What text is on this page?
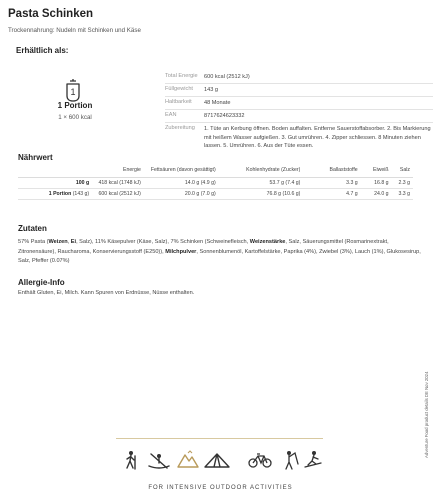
Pasta Schinken
Trockennahrung: Nudeln mit Schinken und Käse
Erhältlich als:
1
1 Portion
1 × 600 kcal
Total Energie	600 kcal (2512 kJ)
Füllgewicht	143 g
Haltbarkeit	48 Monate
EAN	8717624623332
Zubereitung	1. Tüte an Kerbung öffnen. Boden auffalten. Entferne Sauerstoffabsorber. 2. Bis Markierung mit heißem Wasser aufgießen. 3. Gut umrühren. 4. Zipper schliessen. 8 Minuten ziehen lassen. 5. Umrühren. 6. Aus der Tüte essen.
Nährwert
	Energie	Fettsäuren (davon gesättigt)	Kohlenhydrate (Zucker)	Ballaststoffe	Eiweiß	Salz
100 g	418 kcal (1748 kJ)	14.0 g (4.9 g)	53.7 g (7.4 g)	3.3 g	16.8 g	2.3 g
1 Portion (143 g)	600 kcal (2512 kJ)	20.0 g (7.0 g)	76.8 g (10.6 g)	4.7 g	24.0 g	3.3 g
Zutaten
57% Pasta (Weizen, Ei, Salz), 11% Käsepulver (Käse, Salz), 7% Schinken (Schweinefleisch, Weizenstärke, Salz, Säuerungsmittel (Rosmarinextrakt, Zitronensäure), Raucharoma, Konservierungsstoff (E250)), Milchpulver, Sonnenblumenöl, Kartoffelstärke, Paprika (4%), Zwiebel (3%), Lauch (1%), Glukosesirup, Salz, Pfeffer (0.07%)
Allergie-Info
Enthält Gluten, Ei, Milch. Kann Spuren von Erdnüsse, Nüsse enthalten.
Adventure Food product details DE Nov 2024
FOR INTENSIVE OUTDOOR ACTIVITIES
